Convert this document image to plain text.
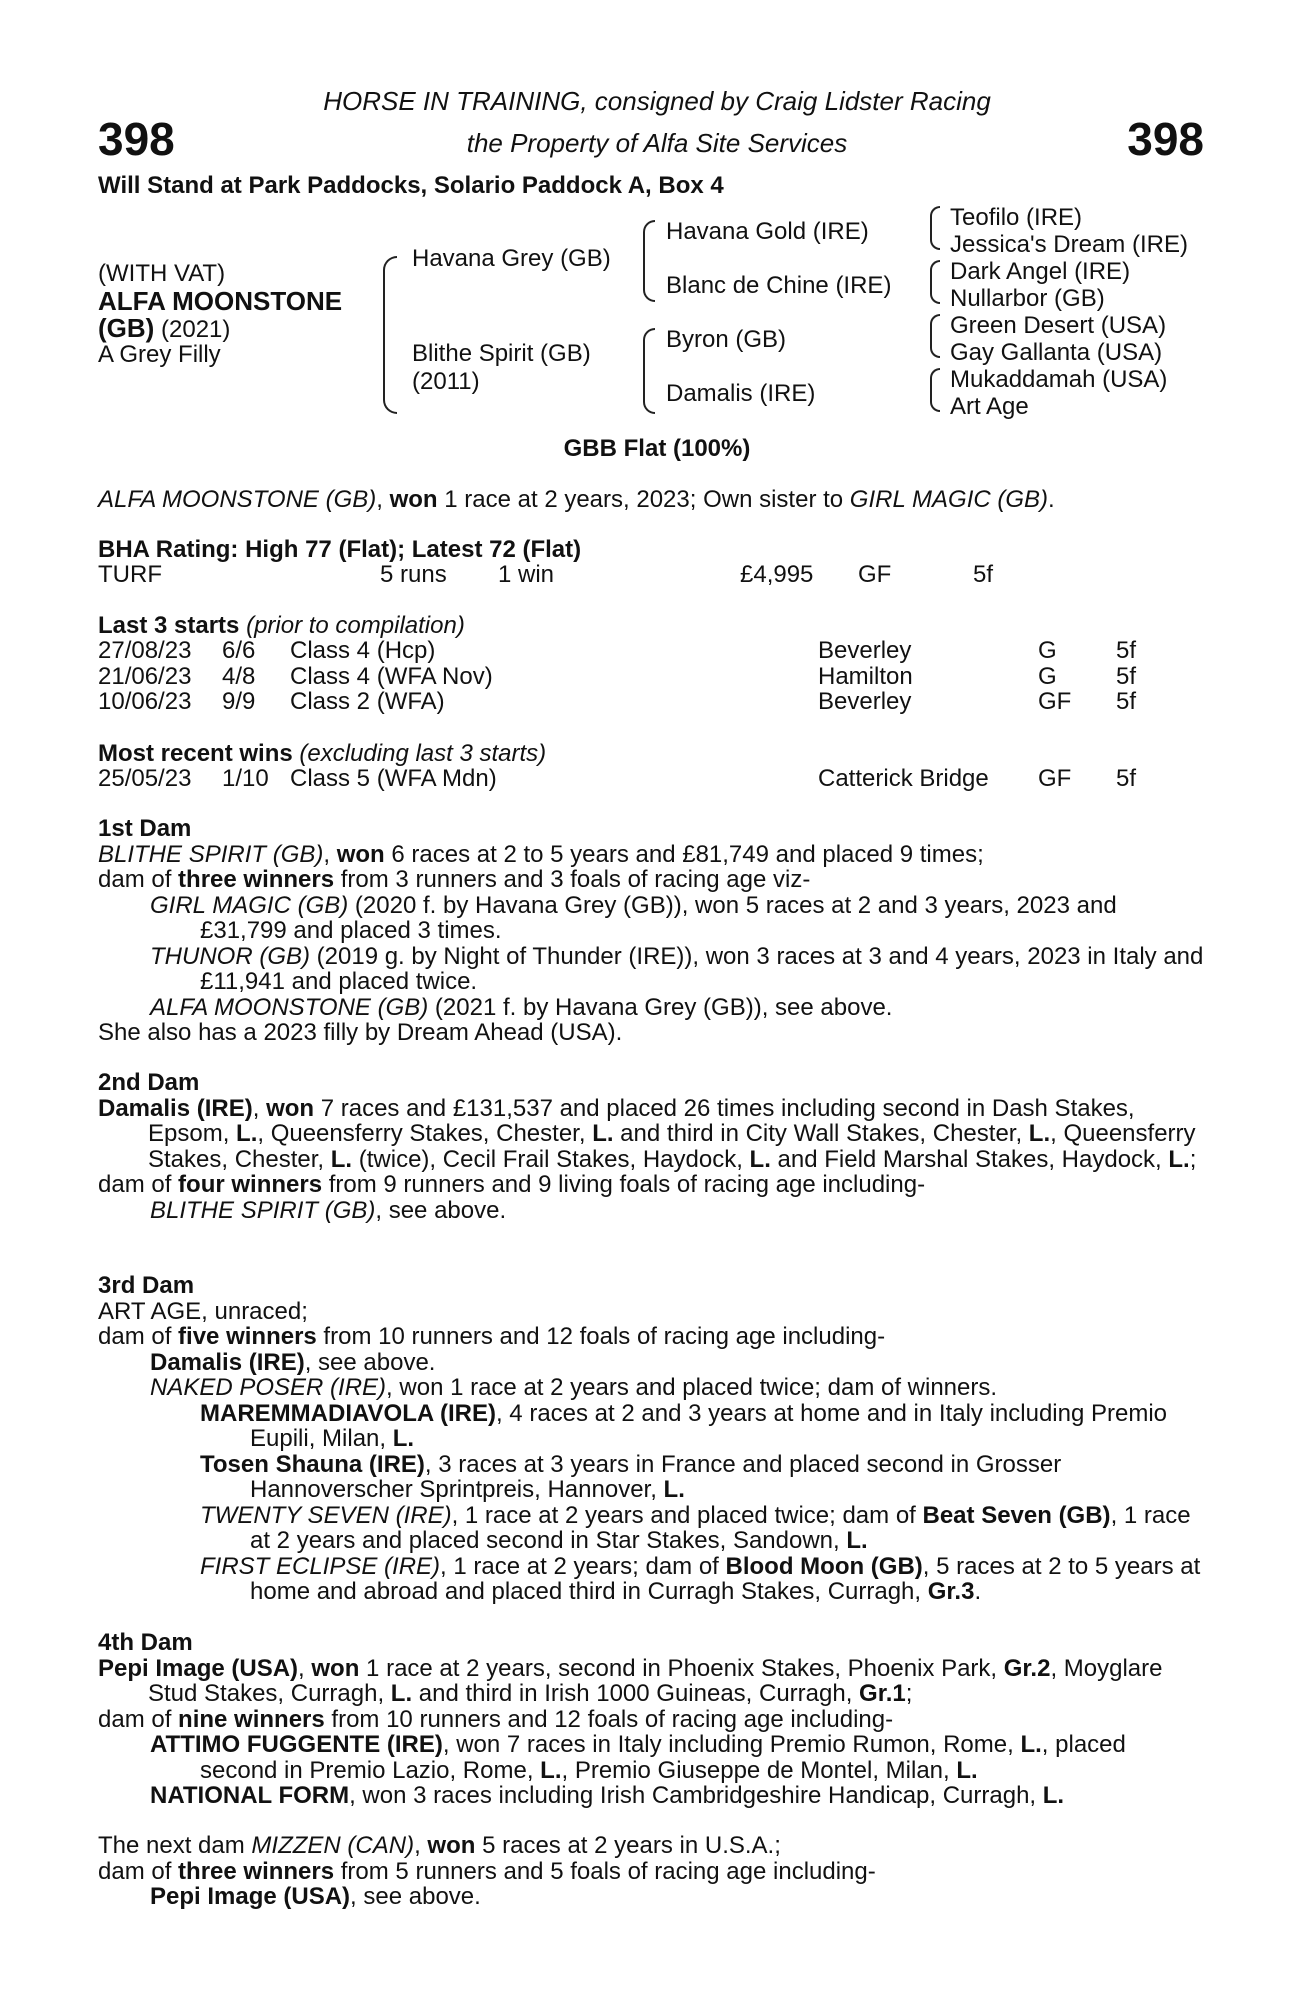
398	398
HORSE IN TRAINING, consigned by Craig Lidster Racing
the Property of Alfa Site Services
Will Stand at Park Paddocks, Solario Paddock A, Box 4
(WITH VAT)
ALFA MOONSTONE
(GB) (2021)
A Grey Filly
Havana Grey (GB)
Blithe Spirit (GB)
(2011)
Havana Gold (IRE)
Blanc de Chine (IRE)
Byron (GB)
Damalis (IRE)
Teofilo (IRE)
Jessica's Dream (IRE)
Dark Angel (IRE)
Nullarbor (GB)
Green Desert (USA)
Gay Gallanta (USA)
Mukaddamah (USA)
Art Age
GBB Flat (100%)
ALFA MOONSTONE (GB), won 1 race at 2 years, 2023; Own sister to GIRL MAGIC (GB).
BHA Rating: High 77 (Flat); Latest 72 (Flat)
TURF	5 runs 1 win	£4,995 GF	5f
Last 3 starts (prior to compilation)
27/08/23 6/6 Class 4 (Hcp)	Beverley	G 5f
21/06/23 4/8 Class 4 (WFA Nov)	Hamilton	G 5f
10/06/23 9/9 Class 2 (WFA)	Beverley	GF 5f
Most recent wins (excluding last 3 starts)
25/05/23 1/10 Class 5 (WFA Mdn)	Catterick Bridge GF 5f
1st Dam
BLITHE SPIRIT (GB), won 6 races at 2 to 5 years and £81,749 and placed 9 times;
dam of three winners from 3 runners and 3 foals of racing age viz-
GIRL MAGIC (GB) (2020 f. by Havana Grey (GB)), won 5 races at 2 and 3 years, 2023 and £31,799 and placed 3 times.
THUNOR (GB) (2019 g. by Night of Thunder (IRE)), won 3 races at 3 and 4 years, 2023 in Italy and £11,941 and placed twice.
ALFA MOONSTONE (GB) (2021 f. by Havana Grey (GB)), see above.
She also has a 2023 filly by Dream Ahead (USA).
2nd Dam
Damalis (IRE), won 7 races and £131,537 and placed 26 times including second in Dash Stakes, Epsom, L., Queensferry Stakes, Chester, L. and third in City Wall Stakes, Chester, L., Queensferry Stakes, Chester, L. (twice), Cecil Frail Stakes, Haydock, L. and Field Marshal Stakes, Haydock, L.;
dam of four winners from 9 runners and 9 living foals of racing age including-
BLITHE SPIRIT (GB), see above.
3rd Dam
ART AGE, unraced;
dam of five winners from 10 runners and 12 foals of racing age including-
Damalis (IRE), see above.
NAKED POSER (IRE), won 1 race at 2 years and placed twice; dam of winners.
MAREMMADIAVOLA (IRE), 4 races at 2 and 3 years at home and in Italy including Premio Eupili, Milan, L.
Tosen Shauna (IRE), 3 races at 3 years in France and placed second in Grosser Hannoverscher Sprintpreis, Hannover, L.
TWENTY SEVEN (IRE), 1 race at 2 years and placed twice; dam of Beat Seven (GB), 1 race at 2 years and placed second in Star Stakes, Sandown, L.
FIRST ECLIPSE (IRE), 1 race at 2 years; dam of Blood Moon (GB), 5 races at 2 to 5 years at home and abroad and placed third in Curragh Stakes, Curragh, Gr.3.
4th Dam
Pepi Image (USA), won 1 race at 2 years, second in Phoenix Stakes, Phoenix Park, Gr.2, Moyglare Stud Stakes, Curragh, L. and third in Irish 1000 Guineas, Curragh, Gr.1;
dam of nine winners from 10 runners and 12 foals of racing age including-
ATTIMO FUGGENTE (IRE), won 7 races in Italy including Premio Rumon, Rome, L., placed second in Premio Lazio, Rome, L., Premio Giuseppe de Montel, Milan, L.
NATIONAL FORM, won 3 races including Irish Cambridgeshire Handicap, Curragh, L.
The next dam MIZZEN (CAN), won 5 races at 2 years in U.S.A.;
dam of three winners from 5 runners and 5 foals of racing age including-
Pepi Image (USA), see above.
